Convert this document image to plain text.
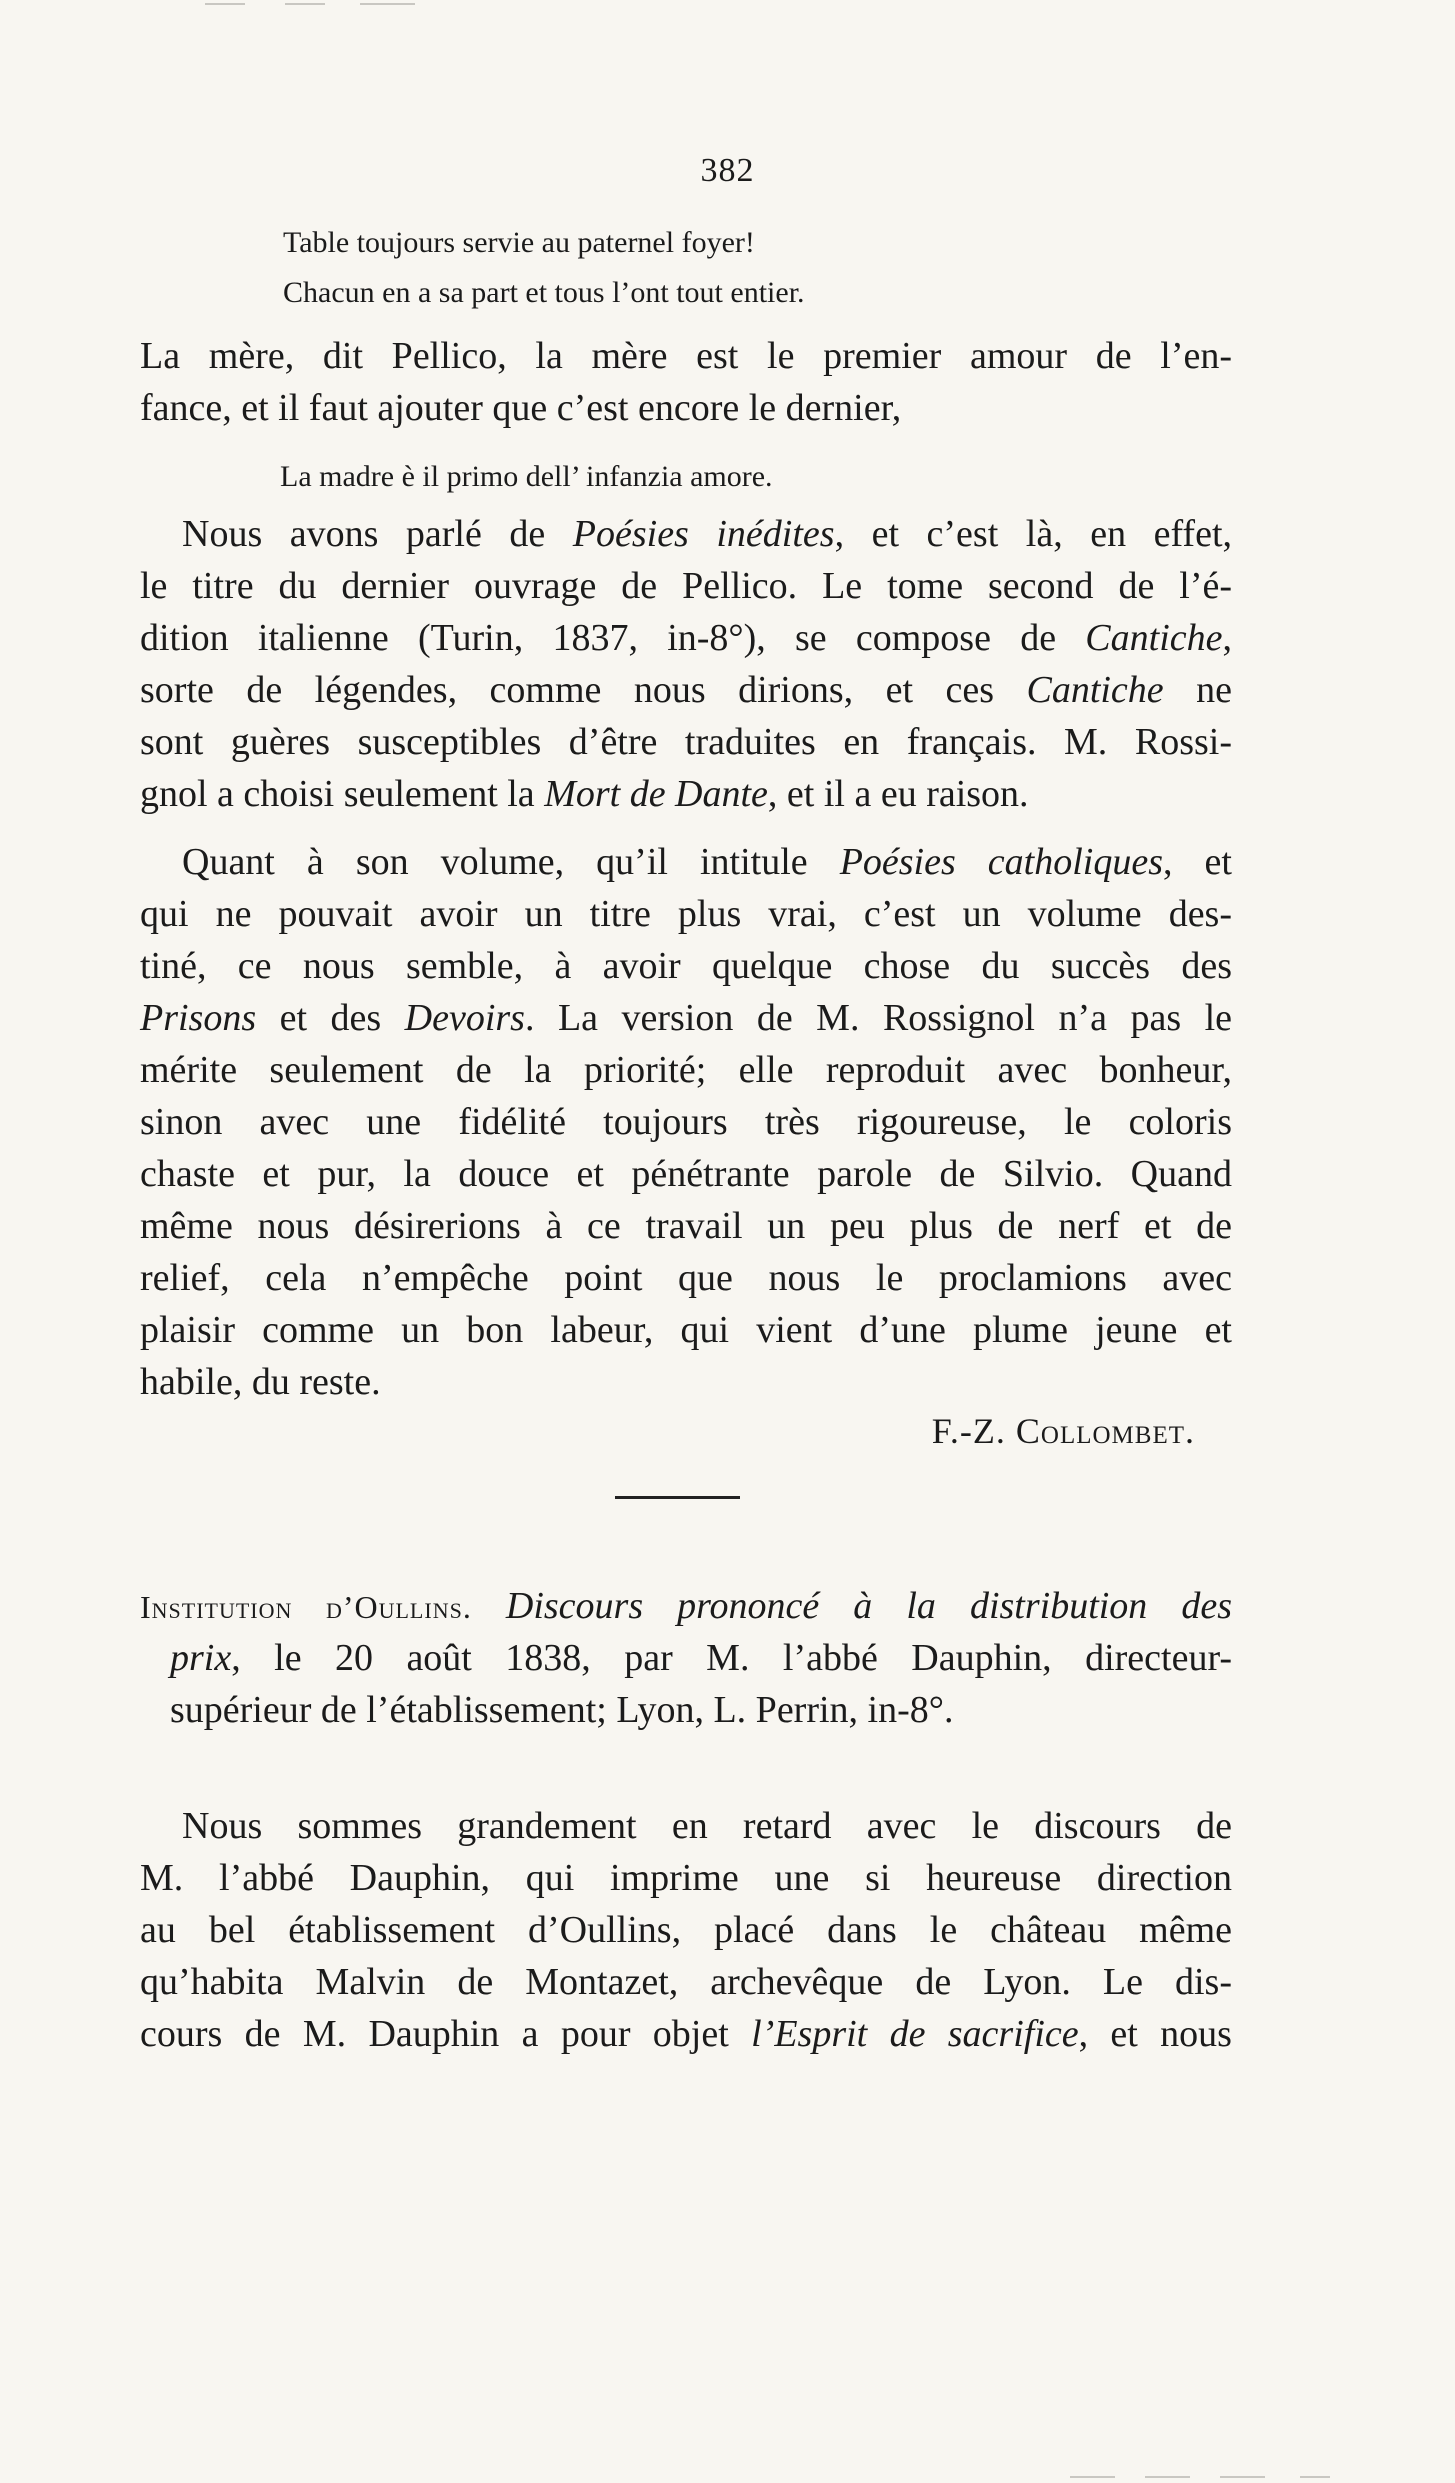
382
Table toujours servie au paternel foyer!
Chacun en a sa part et tous l’ont tout entier.
La mère, dit Pellico, la mère est le premier amour de l’en-
fance, et il faut ajouter que c’est encore le dernier,
La madre è il primo dell’ infanzia amore.
Nous avons parlé de Poésies inédites, et c’est là, en effet,
le titre du dernier ouvrage de Pellico. Le tome second de l’é-
dition italienne (Turin, 1837, in-8°), se compose de Cantiche,
sorte de légendes, comme nous dirions, et ces Cantiche ne
sont guères susceptibles d’être traduites en français. M. Rossi-
gnol a choisi seulement la Mort de Dante, et il a eu raison.
Quant à son volume, qu’il intitule Poésies catholiques, et
qui ne pouvait avoir un titre plus vrai, c’est un volume des-
tiné, ce nous semble, à avoir quelque chose du succès des
Prisons et des Devoirs. La version de M. Rossignol n’a pas le
mérite seulement de la priorité; elle reproduit avec bonheur,
sinon avec une fidélité toujours très rigoureuse, le coloris
chaste et pur, la douce et pénétrante parole de Silvio. Quand
même nous désirerions à ce travail un peu plus de nerf et de
relief, cela n’empêche point que nous le proclamions avec
plaisir comme un bon labeur, qui vient d’une plume jeune et
habile, du reste.
F.-Z. Collombet.
Institution d’Oullins. Discours prononcé à la distribution des
prix, le 20 août 1838, par M. l’abbé Dauphin, directeur-
supérieur de l’établissement; Lyon, L. Perrin, in-8°.
Nous sommes grandement en retard avec le discours de
M. l’abbé Dauphin, qui imprime une si heureuse direction
au bel établissement d’Oullins, placé dans le château même
qu’habita Malvin de Montazet, archevêque de Lyon. Le dis-
cours de M. Dauphin a pour objet l’Esprit de sacrifice, et nous
